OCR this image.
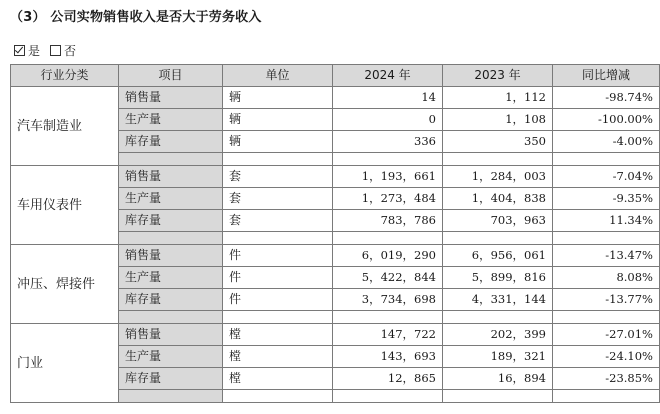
（3） 公司实物销售收入是否大于劳务收入
是 否
行业分类	项目	单位	2024 年	2023 年	同比增减
汽车制造业	销售量	辆	14	1，112	-98.74%
	生产量	辆	0	1，108	-100.00%
	库存量	辆	336	350	-4.00%

车用仪表件	销售量	套	1，193，661	1，284，003	-7.04%
	生产量	套	1，273，484	1，404，838	-9.35%
	库存量	套	783，786	703，963	11.34%

冲压、焊接件	销售量	件	6，019，290	6，956，061	-13.47%
	生产量	件	5，422，844	5，899，816	8.08%
	库存量	件	3，734，698	4，331，144	-13.77%

门业	销售量	樘	147，722	202，399	-27.01%
	生产量	樘	143，693	189，321	-24.10%
	库存量	樘	12，865	16，894	-23.85%
